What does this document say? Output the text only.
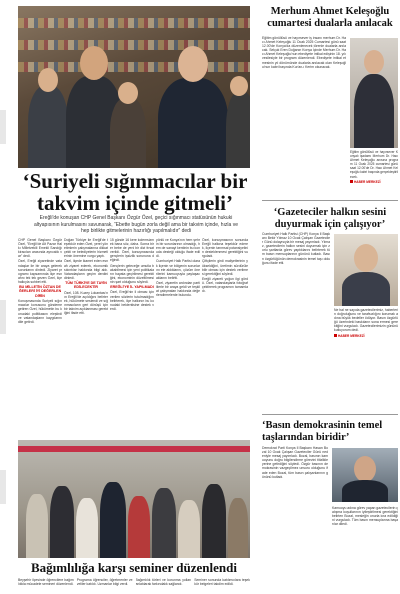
‘Suriyeli sığınmacılar bir takvim içinde gitmeli’
Ereğli'de konuşan CHP Genel Başkanı Özgür Özel, geçici sığınmacı statüsünün hukuki altyapısının kurulmasını savunarak, “Ebette bugün zorla değil ama bir takvim içinde, hızla ve hep birlikte gitmelerinin hazırlığı yapılmalıdır” dedi

CHP Genel Başkanı Özgür Özel, "Ereğli'de Alt Pazar Halkı Milletvekili Emekli Sandığı kiracıları arasında ayrıcalık var" dedi.

Özel, Ereğli ziyaretinde vatandaşlar ile bir araya gelerek sorunlarını dinledi. Ziyaret programı kapsamında ilçe esnafını tek tek gezen Özel, ilçe halkıyla sohbet etti.

BU MİLLETİN ÖZTAN DEĞERLERİ İYİ DEĞERLENDİRİN

Konuşmasında Suriyeli sığınmacılar konusunu gündeme getiren Özel, hükümetin bu konudaki politikasını eleştirdi ve vatandaşların kaygılarını dile getirdi.

Doğan Türkiye ile Ereğli'de teşekkür eden Özel, yerel yönetimlerin çalışmalarına dikkat çekti ve belediyelerin hizmetlerinin önemine vurgu yaptı.

Özel, ilçede ikamet eden esnafı ziyaret ederek, ekonomik sıkıntılar hakkında bilgi aldı. Vatandaşların geçim derdini dinledi.

TÜM TÜRKİYE DE TAYİN EDİLECEKTİR

Özel, 108. Kuzey Lokantası'nın Ereğli'de açıldığını belirterek, hükümete seslendi ve sığınmacıların geri dönüşü için bir takvim açıklanması gerektiğini ifade etti.

15 günde 16 kere kıdemsizmek bana söz, daha. Sonra birer bebe de yeni bir dizi fırsat verildi. Özel, konuşmasında gençlerin işsizlik sorununa değindi.

Gençlerin geleceğe umutla bakabilmesi için yeni politikaların hayata geçirilmesi gerektiğini, ekonominin düzeltilmesinin şart olduğunu söyledi.

EREĞLİ'YE İL YAPILMADI

Özel, Ereğli'nin il olması için verilen sözlerin tutulmadığını belirterek, ilçe halkının bu konudaki beklentisine destek verdi.

yönlü ve Konya'nın hem şehrin bir sorunlarının olmadığı, hem de sanayi kentinin bu konuda desteği olduğu ifade edildi.

Cumhuriyet Halk Partisi olarak ilçenin ve bölgenin sorunlarını ele aldıklarını, çözüm önerilerini kamuoyuyla paylaşacaklarını belirtti.

Özel, ziyaretin ardından partililerle bir araya geldi ve teşkilat çalışmaları hakkında değerlendirmelerde bulundu.

Özel, konuşmasının sonunda Ereğli halkına teşekkür ederek, ilçenin tarımsal potansiyelinin desteklenmesi gerektiğini vurguladı.

Çiftçilerin girdi maliyetlerinin yükseldiğini, üretimin sürdürülebilir olması için destek verilmesi gerektiğini söyledi.

Ereğli ziyareti yoğun ilgi gördü. Özel, vatandaşlarla fotoğraf çektirerek programını tamamladı.

Bağımlılığa karşı seminer düzenlendi
Beyşehir ilçesinde öğrencilere bağımlılıkla mücadele semineri düzenlendi.
Programa öğrenciler, öğretmenler ve veliler katıldı. Uzmanlar bilgi verdi.
Bağımlılık türleri ve korunma yolları anlatılarak farkındalık sağlandı.
Seminer sonunda katılımcılara teşekkür belgeleri takdim edildi.
Merhum Ahmet Keleşoğlu cumartesi dualarla anılacak
Eğitim gönüllüsü ve hayırsever iş insanı merhum Dr. Hacı Ahmet Keleşoğlu 11 Ocak 2025 Cumartesi günü saat 12.00'de Konya'da düzenlenecek törenle dualarla anılacak. Selçuk Eren Doğanın Konya İçinde Merhum Dr. Hacı Ahmet Keleşoğlu'nun ebediyete intikal edişinin 18. yılı vesilesiyle bir program düzenlendi. Ebediyete intikal etmesinin yıl dönümünde dualarla anılacak olan Keleşoğlu'nun kabri başında Kur'an-ı Kerim okunacak.
Eğitim gönüllüsü ve hayırsever Konyalı işadamı Merhum Dr. Hacı Ahmet Keleşoğlu anısına program 11 Ocak 2025 cumartesi günü saat 12.00'de Dr. Hacı Ahmet Keleşoğlu kabri başında gerçekleştirilecek.
HABER MERKEZİ
‘Gazeteciler halkın sesini duyurmak için çalışıyor’
Cumhuriyet Halk Partisi (CHP) Konya İl Başkanı Bekir Yılmaz 10 Ocak Çalışan Gazeteciler Günü dolayısıyla bir mesaj yayımladı. Yılmaz, gazetecilerin halkın sesini duyurmak için zorlu şartlarda görev yaptıklarını belirterek tüm basın mensuplarının gününü kutladı. Basın özgürlüğünün demokrasinin temel taşı olduğunu ifade etti.
Ne hal ne sayıda gazetecilerimiz, haberlerin doğruluğunu ve tarafsızlığını korumak adına büyük bedeller ödüyor. Basın özgürlüğü üzerindeki baskıların sona ermesi gerektiğini vurguladı. Gazetecilerimizin gününü kutluyorum dedi.
HABER MERKEZİ
‘Basın demokrasinin temel taşlarından biridir’
Demokrat Parti Konya İl Başkanı Hasan Bozal 10 Ocak Çalışan Gazeteciler Günü nedeniyle mesaj yayımladı. Bozal, basının kamuoyunu doğru bilgilendirme görevini titizlikle yerine getirdiğini söyledi. Özgür basının demokrasinin vazgeçilmez unsuru olduğunu ifade eden Bozal, tüm basın çalışanlarının gününü kutladı.
Kamuoyu adına görev yapan gazetecilerin çalışma koşullarının iyileştirilmesi gerektiğini belirten Bozal, mesleğin onurla icra edildiğini vurguladı. Tüm basın mensuplarına başarılar diledi.
